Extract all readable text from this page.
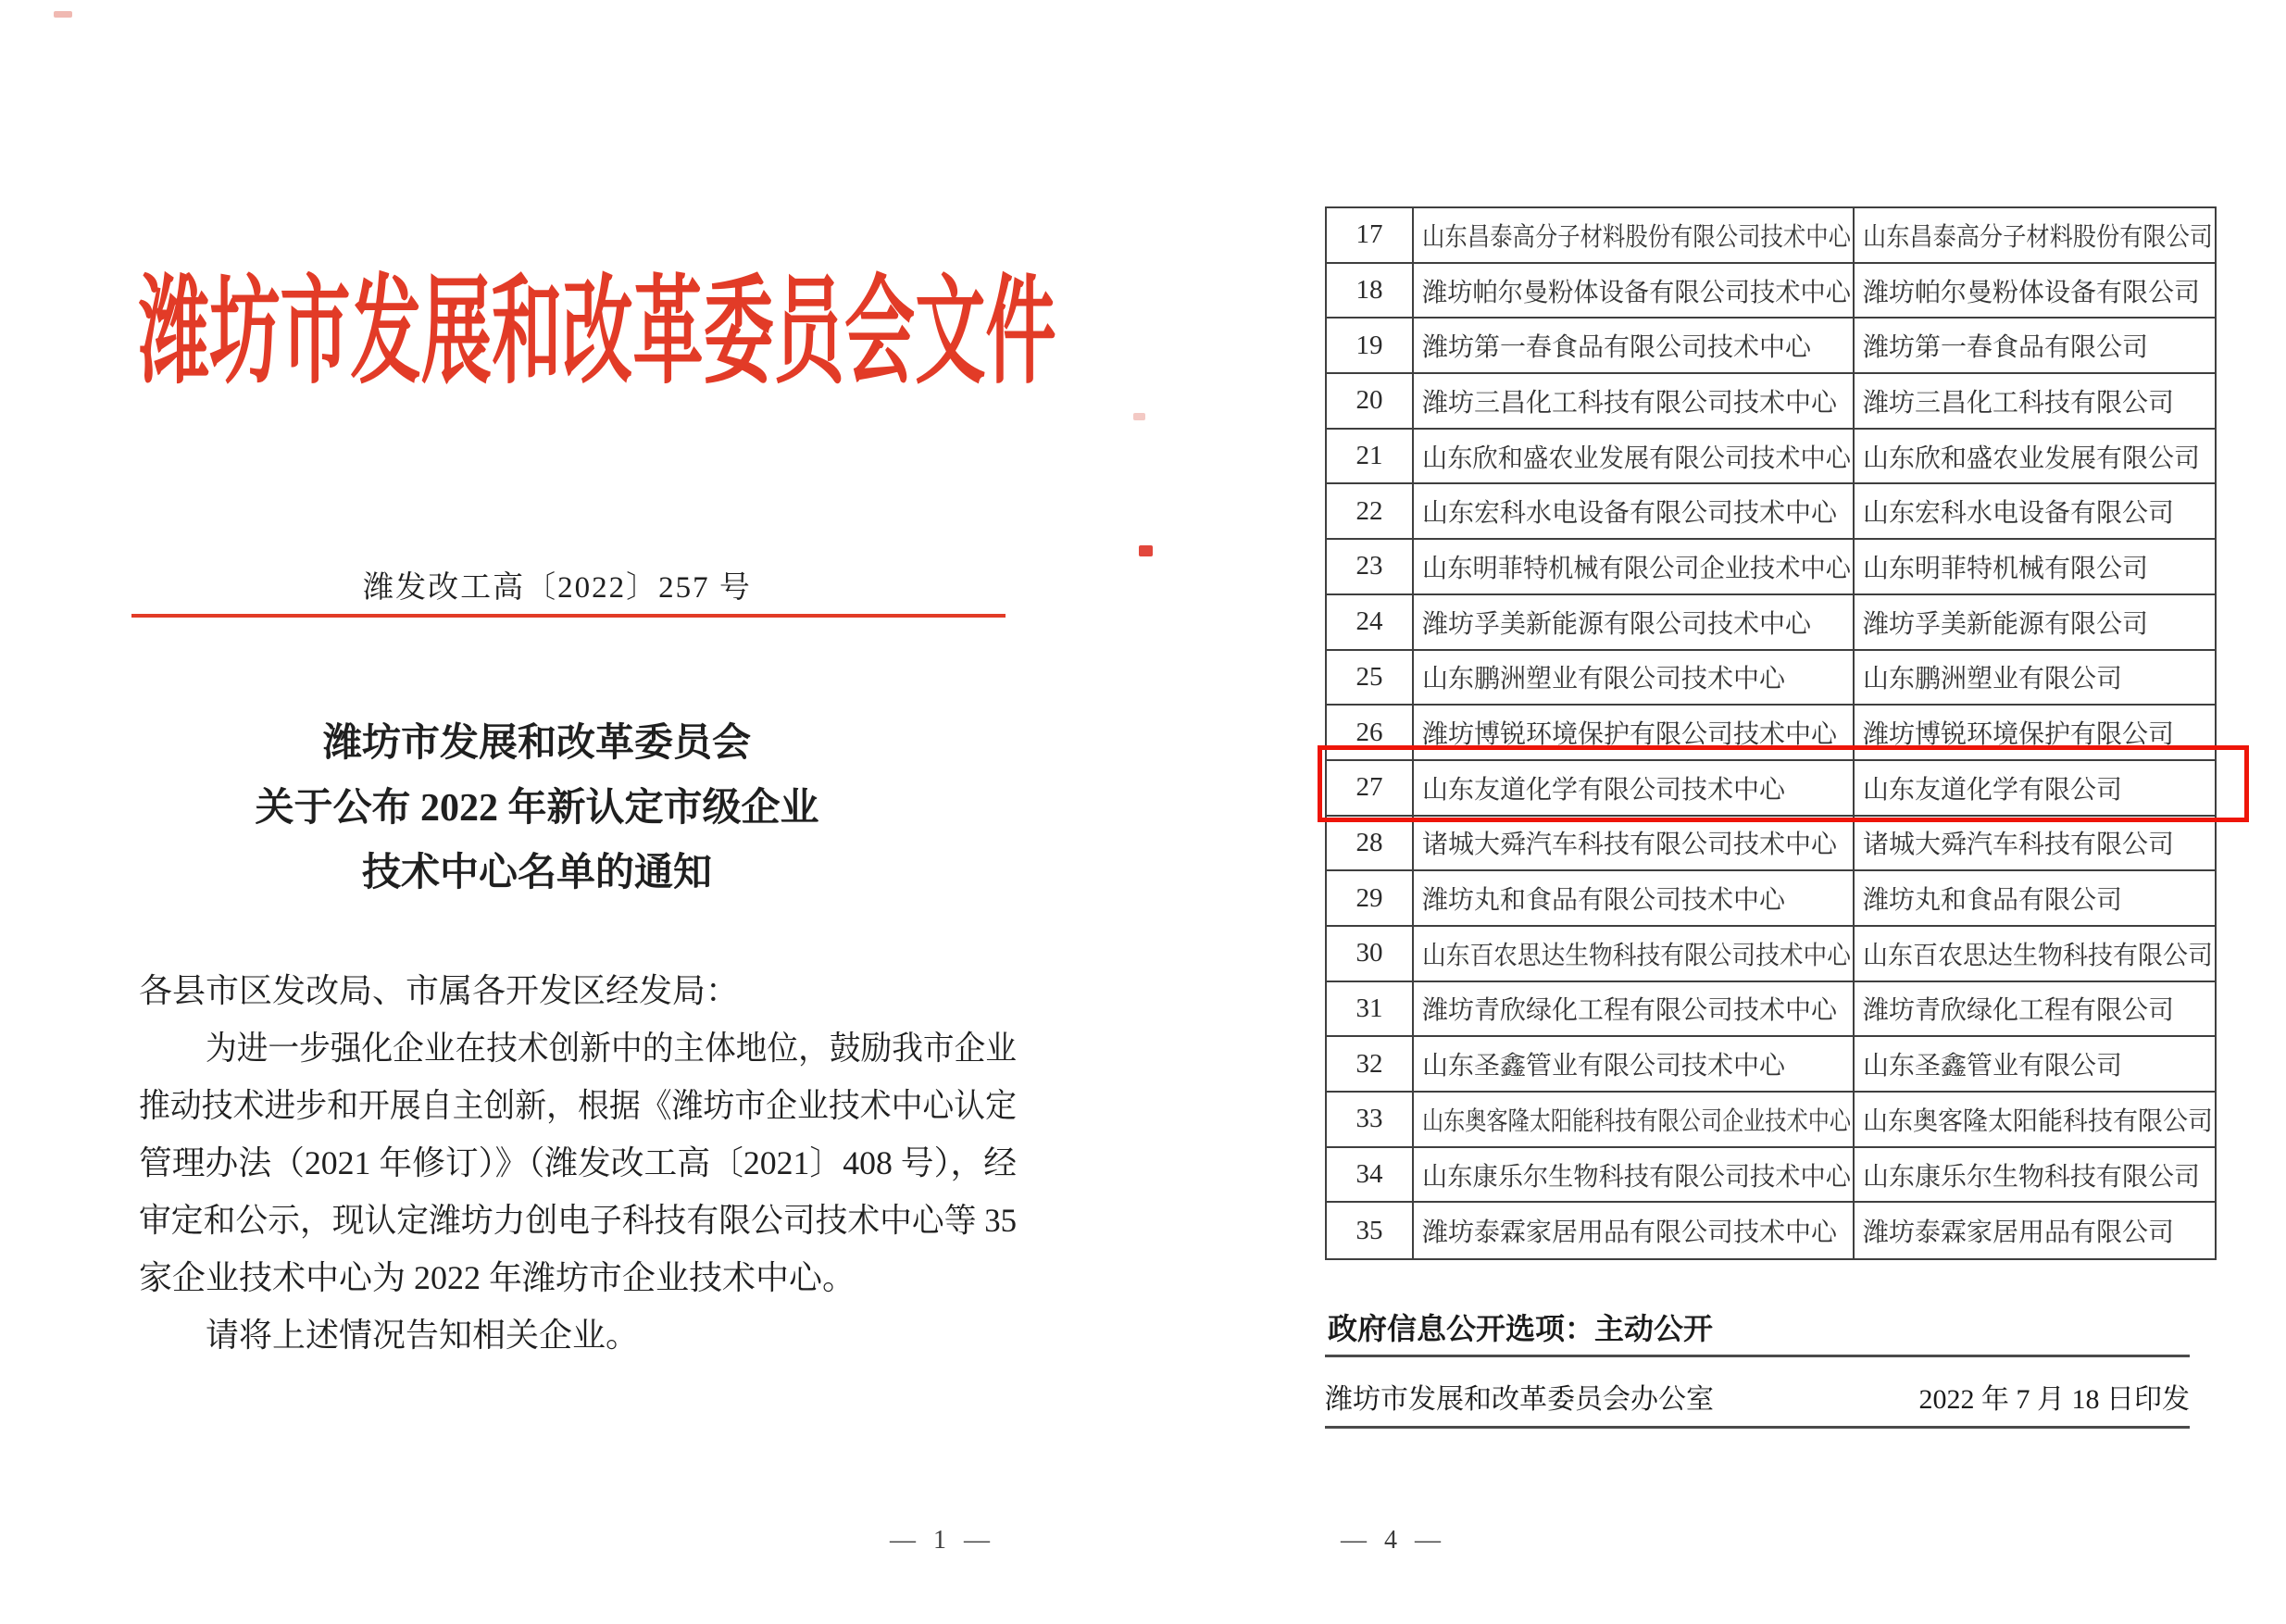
潍坊市发展和改革委员会文件
潍发改工高〔2022〕257 号
潍坊市发展和改革委员会
关于公布 2022 年新认定市级企业
技术中心名单的通知
各县市区发改局、市属各开发区经发局：
为进一步强化企业在技术创新中的主体地位，鼓励我市企业
推动技术进步和开展自主创新，根据《潍坊市企业技术中心认定
管理办法（2021 年修订）》（潍发改工高〔2021〕408 号），经
审定和公示，现认定潍坊力创电子科技有限公司技术中心等 35
家企业技术中心为 2022 年潍坊市企业技术中心。
请将上述情况告知相关企业。
— 1 —
17 山东昌泰高分子材料股份有限公司技术中心 山东昌泰高分子材料股份有限公司
18 潍坊帕尔曼粉体设备有限公司技术中心 潍坊帕尔曼粉体设备有限公司
19 潍坊第一春食品有限公司技术中心 潍坊第一春食品有限公司
20 潍坊三昌化工科技有限公司技术中心 潍坊三昌化工科技有限公司
21 山东欣和盛农业发展有限公司技术中心 山东欣和盛农业发展有限公司
22 山东宏科水电设备有限公司技术中心 山东宏科水电设备有限公司
23 山东明菲特机械有限公司企业技术中心 山东明菲特机械有限公司
24 潍坊孚美新能源有限公司技术中心 潍坊孚美新能源有限公司
25 山东鹏洲塑业有限公司技术中心	山东鹏洲塑业有限公司
26 潍坊博锐环境保护有限公司技术中心 潍坊博锐环境保护有限公司
27 山东友道化学有限公司技术中心	山东友道化学有限公司
28 诸城大舜汽车科技有限公司技术中心 诸城大舜汽车科技有限公司
29 潍坊丸和食品有限公司技术中心	潍坊丸和食品有限公司
30 山东百农思达生物科技有限公司技术中心 山东百农思达生物科技有限公司
31 潍坊青欣绿化工程有限公司技术中心 潍坊青欣绿化工程有限公司
32 山东圣鑫管业有限公司技术中心	山东圣鑫管业有限公司
33 山东奥客隆太阳能科技有限公司企业技术中心 山东奥客隆太阳能科技有限公司
34 山东康乐尔生物科技有限公司技术中心 山东康乐尔生物科技有限公司
35 潍坊泰霖家居用品有限公司技术中心 潍坊泰霖家居用品有限公司
政府信息公开选项：主动公开
潍坊市发展和改革委员会办公室	2022 年 7 月 18 日印发
— 4 —
